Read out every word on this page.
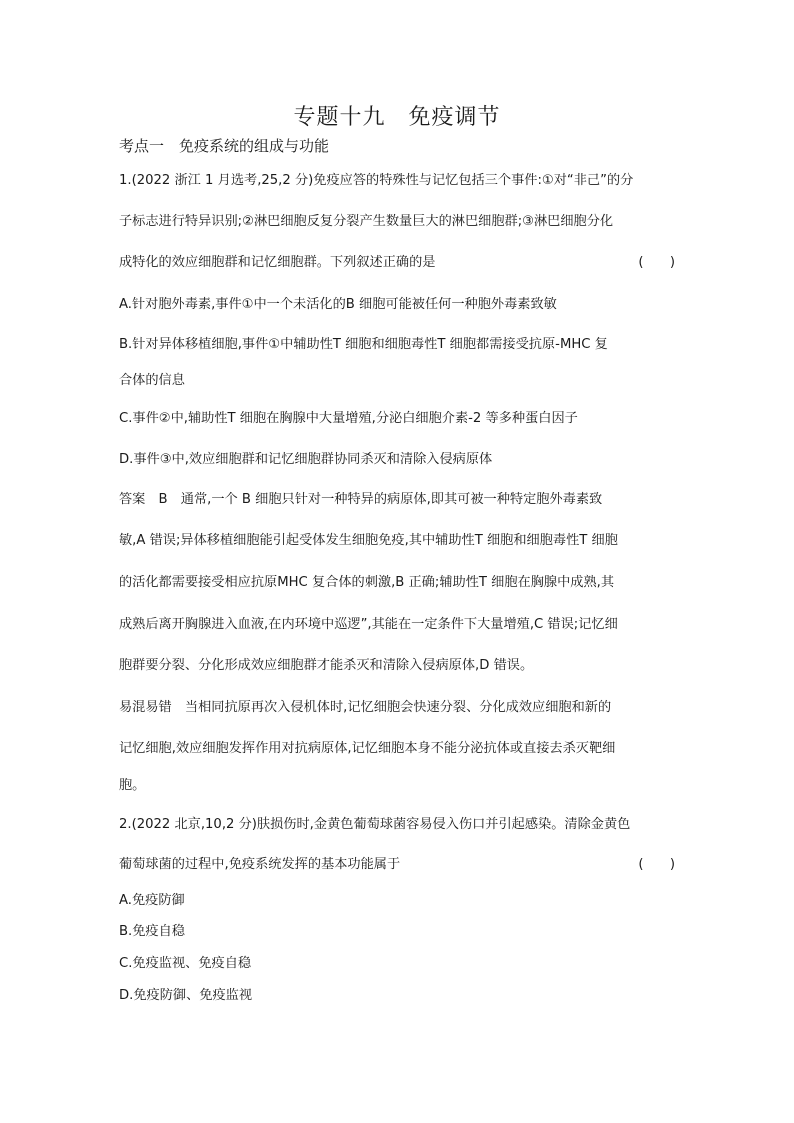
专题十九　免疫调节
考点一　免疫系统的组成与功能
1.(2022 浙江 1 月选考,25,2 分)免疫应答的特殊性与记忆包括三个事件:①对“非己”的分
子标志进行特异识别;②淋巴细胞反复分裂产生数量巨大的淋巴细胞群;③淋巴细胞分化
成特化的效应细胞群和记忆细胞群。下列叙述正确的是	(　　)
A.针对胞外毒素,事件①中一个未活化的B 细胞可能被任何一种胞外毒素致敏
B.针对异体移植细胞,事件①中辅助性T 细胞和细胞毒性T 细胞都需接受抗原-MHC 复
合体的信息
C.事件②中,辅助性T 细胞在胸腺中大量增殖,分泌白细胞介素-2 等多种蛋白因子
D.事件③中,效应细胞群和记忆细胞群协同杀灭和清除入侵病原体
答案　B　通常,一个 B 细胞只针对一种特异的病原体,即其可被一种特定胞外毒素致
敏,A 错误;异体移植细胞能引起受体发生细胞免疫,其中辅助性T 细胞和细胞毒性T 细胞
的活化都需要接受相应抗原MHC 复合体的刺激,B 正确;辅助性T 细胞在胸腺中成熟,其
成熟后离开胸腺进入血液,在内环境中巡逻”,其能在一定条件下大量增殖,C 错误;记忆细
胞群要分裂、分化形成效应细胞群才能杀灭和清除入侵病原体,D 错误。
易混易错　当相同抗原再次入侵机体时,记忆细胞会快速分裂、分化成效应细胞和新的
记忆细胞,效应细胞发挥作用对抗病原体,记忆细胞本身不能分泌抗体或直接去杀灭靶细
胞。
2.(2022 北京,10,2 分)肤损伤时,金黄色葡萄球菌容易侵入伤口并引起感染。清除金黄色
葡萄球菌的过程中,免疫系统发挥的基本功能属于	(　　)
A.免疫防御
B.免疫自稳
C.免疫监视、免疫自稳
D.免疫防御、免疫监视
